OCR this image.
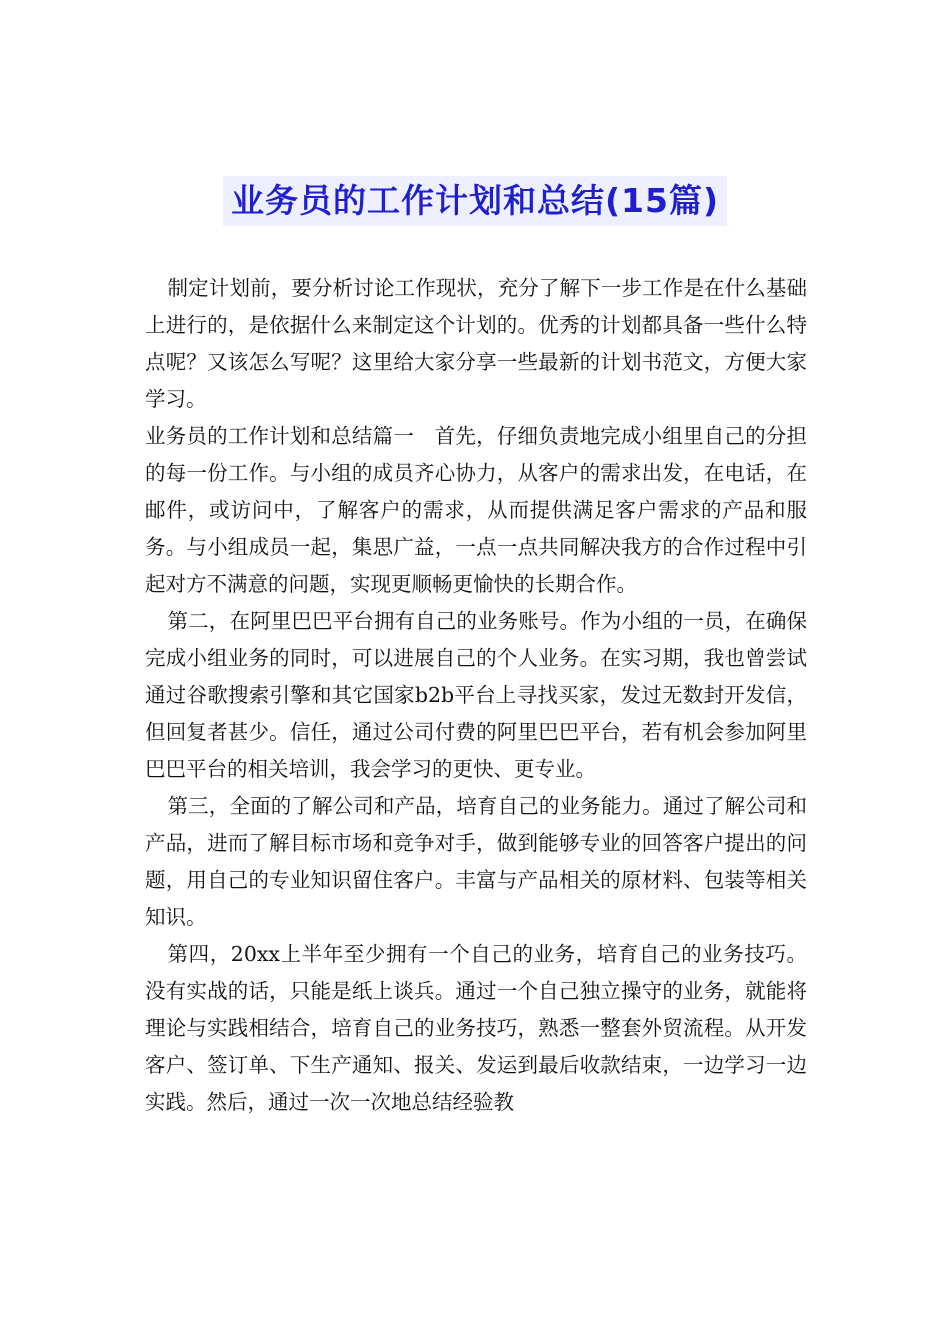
业务员的工作计划和总结(15篇)

制定计划前，要分析讨论工作现状，充分了解下一步工作是在什么基础上进行的，是依据什么来制定这个计划的。优秀的计划都具备一些什么特点呢？又该怎么写呢？这里给大家分享一些最新的计划书范文，方便大家学习。

业务员的工作计划和总结篇一　首先，仔细负责地完成小组里自己的分担的每一份工作。与小组的成员齐心协力，从客户的需求出发，在电话，在邮件，或访问中，了解客户的需求，从而提供满足客户需求的产品和服务。与小组成员一起，集思广益，一点一点共同解决我方的合作过程中引起对方不满意的问题，实现更顺畅更愉快的长期合作。

第二，在阿里巴巴平台拥有自己的业务账号。作为小组的一员，在确保完成小组业务的同时，可以进展自己的个人业务。在实习期，我也曾尝试通过谷歌搜索引擎和其它国家b2b平台上寻找买家，发过无数封开发信，但回复者甚少。信任，通过公司付费的阿里巴巴平台，若有机会参加阿里巴巴平台的相关培训，我会学习的更快、更专业。

第三，全面的了解公司和产品，培育自己的业务能力。通过了解公司和产品，进而了解目标市场和竞争对手，做到能够专业的回答客户提出的问题，用自己的专业知识留住客户。丰富与产品相关的原材料、包装等相关知识。

第四，20xx上半年至少拥有一个自己的业务，培育自己的业务技巧。没有实战的话，只能是纸上谈兵。通过一个自己独立操守的业务，就能将理论与实践相结合，培育自己的业务技巧，熟悉一整套外贸流程。从开发客户、签订单、下生产通知、报关、发运到最后收款结束，一边学习一边实践。然后，通过一次一次地总结经验教
